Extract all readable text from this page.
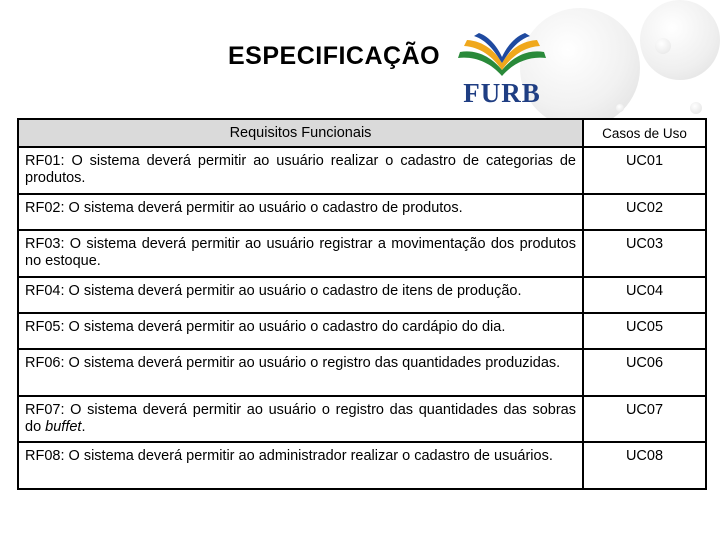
FURB
ESPECIFICAÇÃO
Requisitos Funcionais	Casos de Uso
RF01: O sistema deverá permitir ao usuário realizar o cadastro de categorias de produtos.	UC01
RF02: O sistema deverá permitir ao usuário o cadastro de produtos.	UC02
RF03: O sistema deverá permitir ao usuário registrar a movimentação dos produtos no estoque.	UC03
RF04: O sistema deverá permitir ao usuário o cadastro de itens de produção.	UC04
RF05: O sistema deverá permitir ao usuário o cadastro do cardápio do dia.	UC05
RF06: O sistema deverá permitir ao usuário o registro das quantidades produzidas.	UC06
RF07: O sistema deverá permitir ao usuário o registro das quantidades das sobras do buffet.	UC07
RF08: O sistema deverá permitir ao administrador realizar o cadastro de usuários.	UC08
